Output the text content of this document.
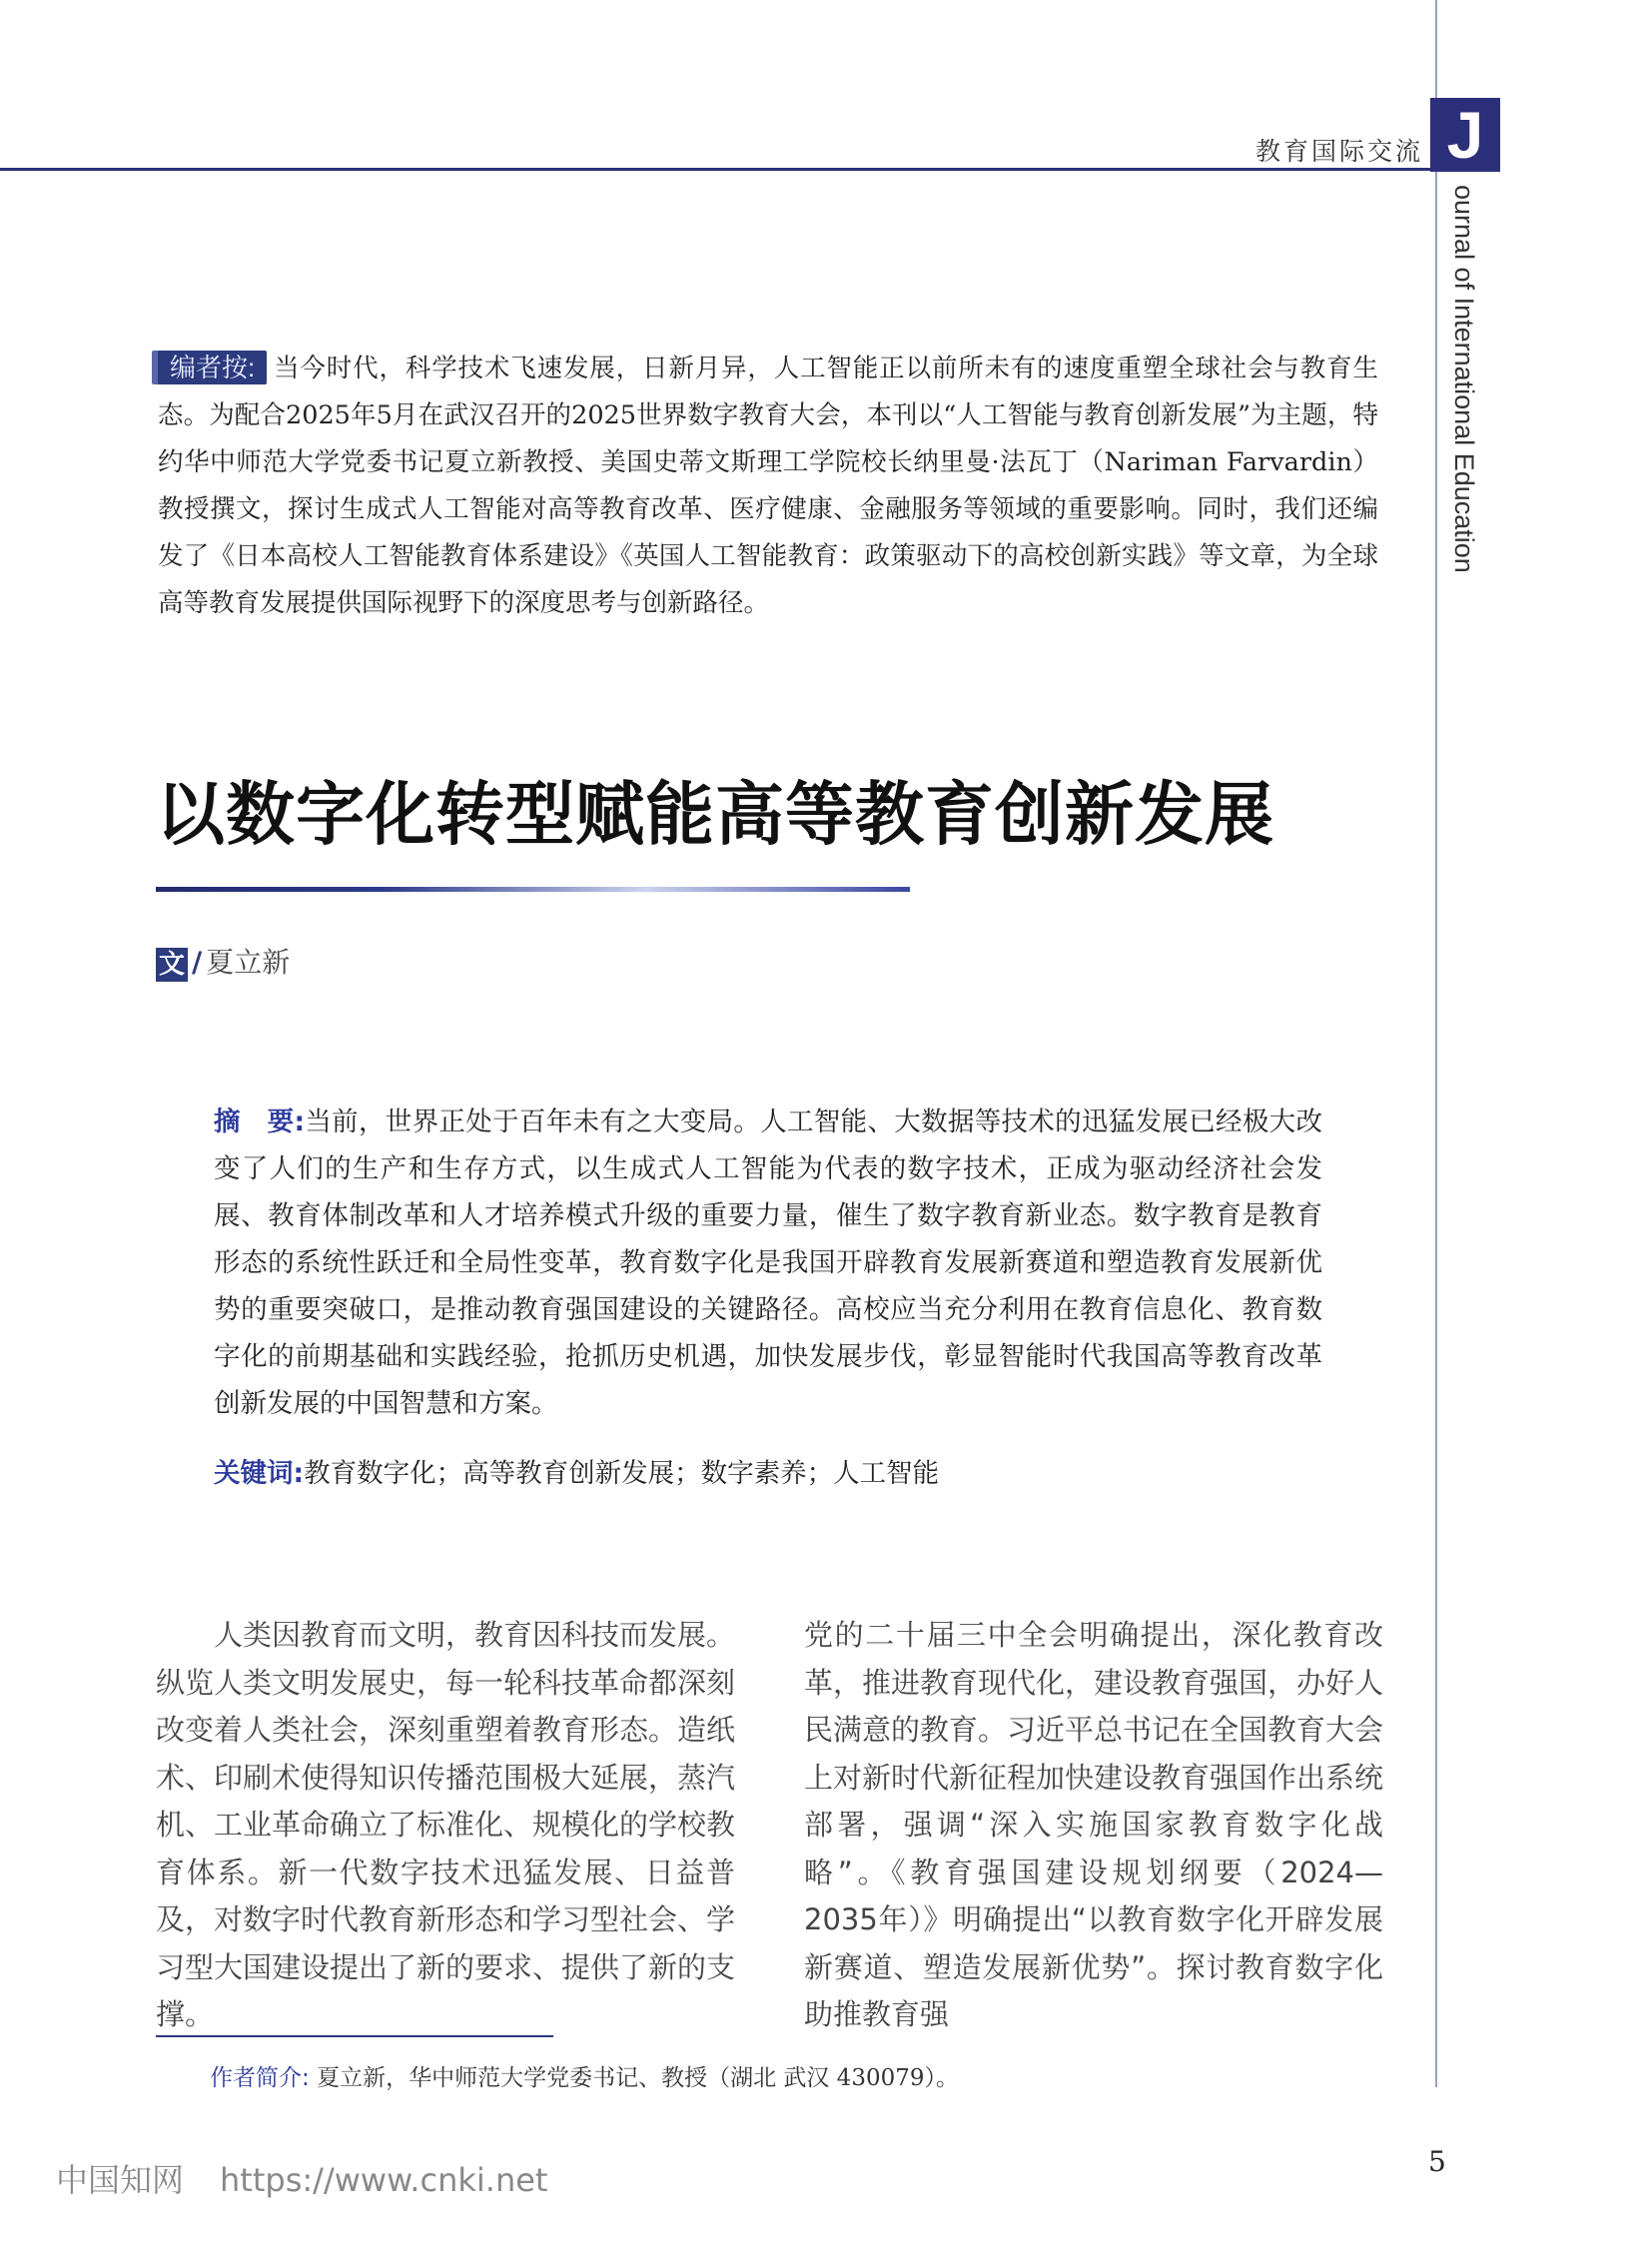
教育国际交流 J
ournal of International Education
编者按: 当今时代，科学技术飞速发展，日新月异，人工智能正以前所未有的速度重塑全球社会与教育生态。为配合2025年5月在武汉召开的2025世界数字教育大会，本刊以“人工智能与教育创新发展”为主题，特约华中师范大学党委书记夏立新教授、美国史蒂文斯理工学院校长纳里曼·法瓦丁（Nariman Farvardin）教授撰文，探讨生成式人工智能对高等教育改革、医疗健康、金融服务等领域的重要影响。同时，我们还编发了《日本高校人工智能教育体系建设》《英国人工智能教育：政策驱动下的高校创新实践》等文章，为全球高等教育发展提供国际视野下的深度思考与创新路径。
以数字化转型赋能高等教育创新发展
文 / 夏立新
摘　要:当前，世界正处于百年未有之大变局。人工智能、大数据等技术的迅猛发展已经极大改变了人们的生产和生存方式，以生成式人工智能为代表的数字技术，正成为驱动经济社会发展、教育体制改革和人才培养模式升级的重要力量，催生了数字教育新业态。数字教育是教育形态的系统性跃迁和全局性变革，教育数字化是我国开辟教育发展新赛道和塑造教育发展新优势的重要突破口，是推动教育强国建设的关键路径。高校应当充分利用在教育信息化、教育数字化的前期基础和实践经验，抢抓历史机遇，加快发展步伐，彰显智能时代我国高等教育改革创新发展的中国智慧和方案。
关键词:教育数字化；高等教育创新发展；数字素养；人工智能
人类因教育而文明，教育因科技而发展。纵览人类文明发展史，每一轮科技革命都深刻改变着人类社会，深刻重塑着教育形态。造纸术、印刷术使得知识传播范围极大延展，蒸汽机、工业革命确立了标准化、规模化的学校教育体系。新一代数字技术迅猛发展、日益普及，对数字时代教育新形态和学习型社会、学习型大国建设提出了新的要求、提供了新的支撑。
党的二十届三中全会明确提出，深化教育改革，推进教育现代化，建设教育强国，办好人民满意的教育。习近平总书记在全国教育大会上对新时代新征程加快建设教育强国作出系统部署，强调“深入实施国家教育数字化战略”。《教育强国建设规划纲要（2024—2035年）》明确提出“以教育数字化开辟发展新赛道、塑造发展新优势”。探讨教育数字化助推教育强
作者简介: 夏立新，华中师范大学党委书记、教授（湖北 武汉 430079）。
中国知网 https://www.cnki.net	5
